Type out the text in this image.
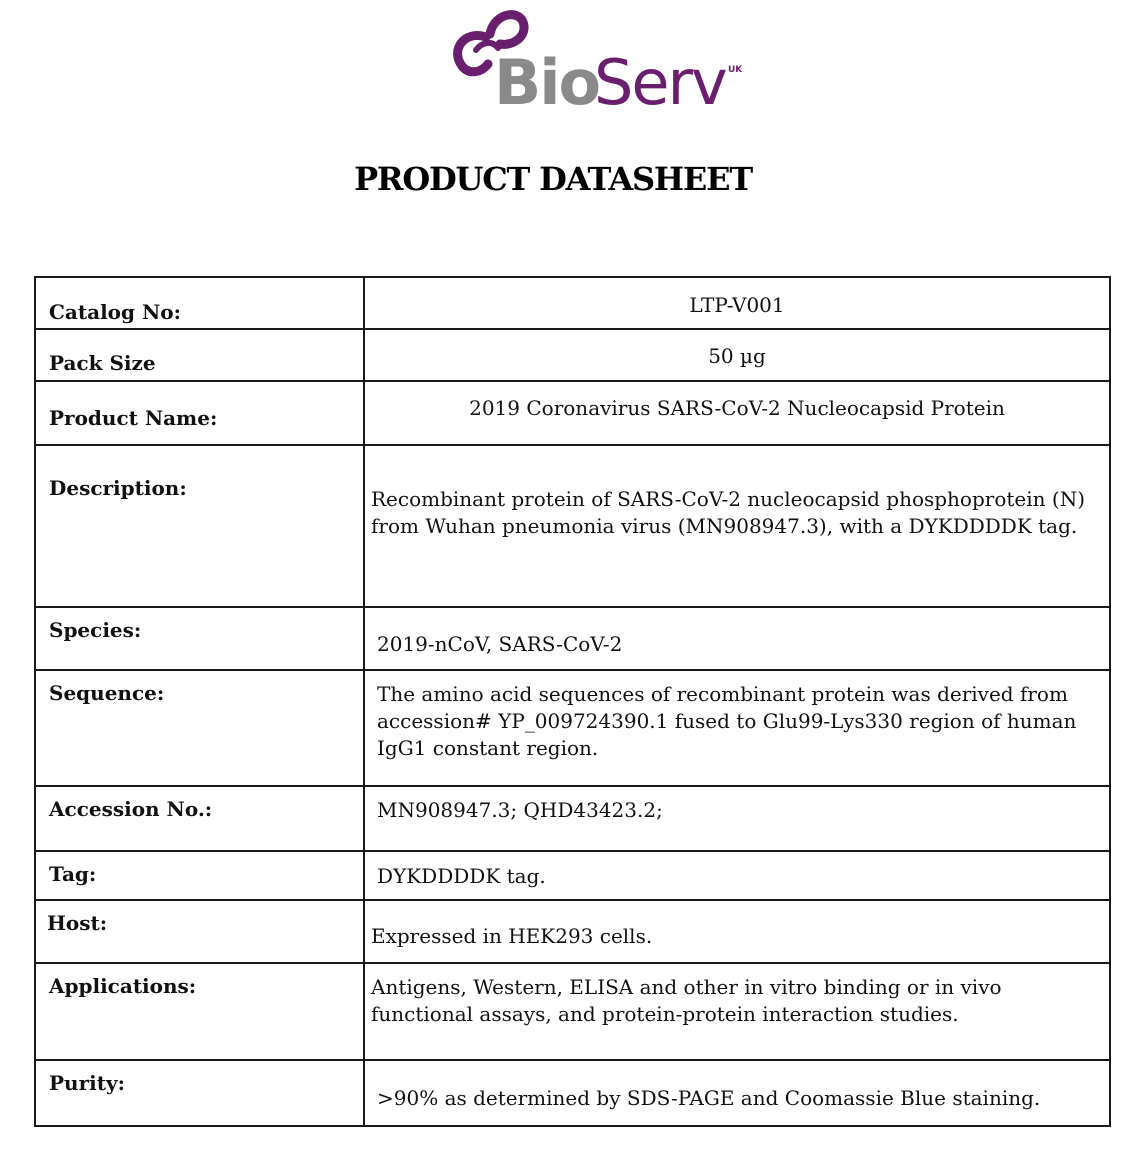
Bio
Serv UK
PRODUCT DATASHEET
Catalog No:	LTP-V001

Pack Size	50 µg

Product Name:	2019 Coronavirus SARS-CoV-2 Nucleocapsid Protein

Description:	Recombinant protein of SARS-CoV-2 nucleocapsid phosphoprotein (N) from Wuhan pneumonia virus (MN908947.3), with a DYKDDDDK tag.

Species:	2019-nCoV, SARS-CoV-2

Sequence:	The amino acid sequences of recombinant protein was derived from accession# YP_009724390.1 fused to Glu99-Lys330 region of human IgG1 constant region.

Accession No.:	MN908947.3; QHD43423.2;

Tag:	DYKDDDDK tag.

Host:	Expressed in HEK293 cells.

Applications:	Antigens, Western, ELISA and other in vitro binding or in vivo functional assays, and protein-protein interaction studies.

Purity:	>90% as determined by SDS-PAGE and Coomassie Blue staining.
